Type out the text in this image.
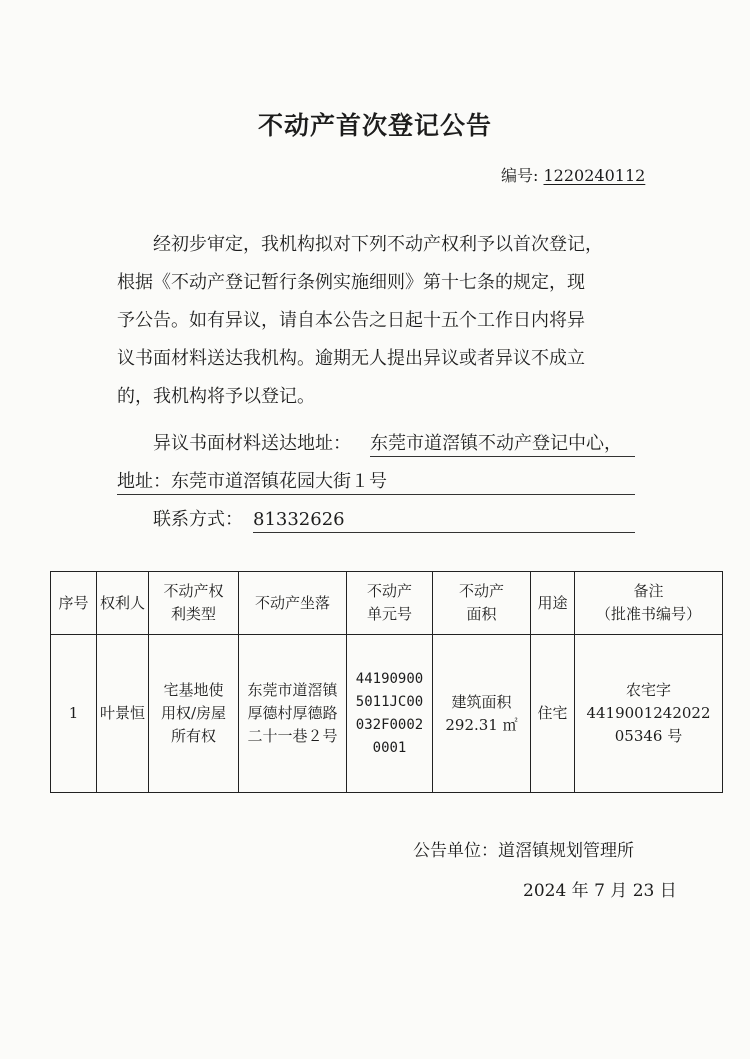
不动产首次登记公告
编号: 1220240112
经初步审定，我机构拟对下列不动产权利予以首次登记，
根据《不动产登记暂行条例实施细则》第十七条的规定，现
予公告。如有异议，请自本公告之日起十五个工作日内将异
议书面材料送达我机构。逾期无人提出异议或者异议不成立
的，我机构将予以登记。
异议书面材料送达地址： 东莞市道滘镇不动产登记中心，
地址：东莞市道滘镇花园大街１号
联系方式： 81332626
序号	权利人	不动产权
利类型	不动产坐落	不动产
单元号	不动产
面积	用途	备注
（批准书编号）
1	叶景恒	宅基地使
用权/房屋
所有权	东莞市道滘镇
厚德村厚德路
二十一巷２号	44190900
5011JC00
032F0002
0001	建筑面积
292.31 ㎡	住宅	农宅字
4419001242022
05346 号
公告单位：道滘镇规划管理所
2024 年 7 月 23 日
